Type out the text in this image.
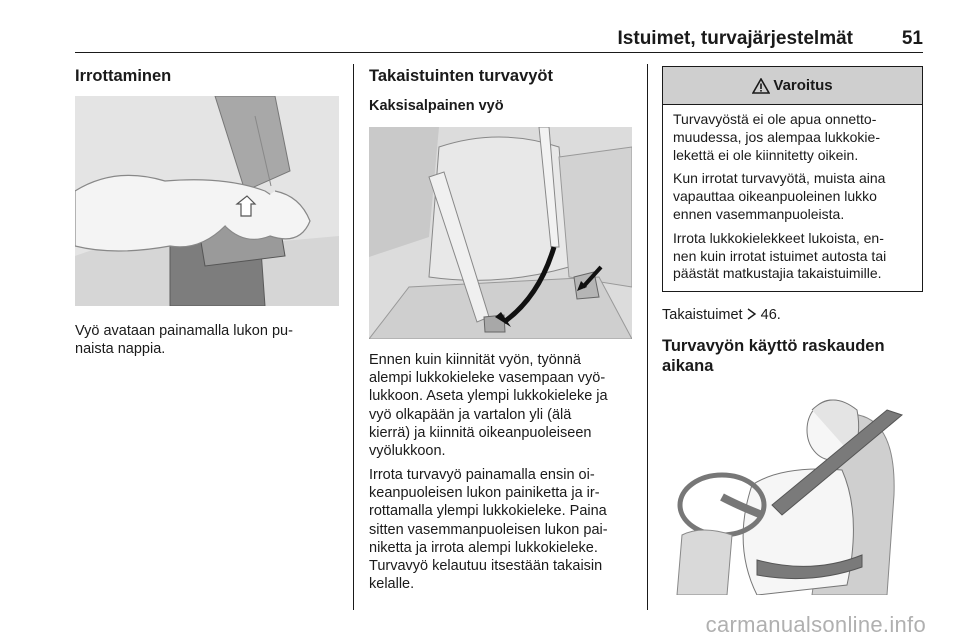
Istuimet, turvajärjestelmät	51
Irrottaminen
Vyö avataan painamalla lukon pu-
naista nappia.
Takaistuinten turvavyöt
Kaksisalpainen vyö
Ennen kuin kiinnität vyön, työnnä
alempi lukkokieleke vasempaan vyö-
lukkoon. Aseta ylempi lukkokieleke ja
vyö olkapään ja vartalon yli (älä
kierrä) ja kiinnitä oikeanpuoleiseen
vyölukkoon.
Irrota turvavyö painamalla ensin oi-
keanpuoleisen lukon painiketta ja ir-
rottamalla ylempi lukkokieleke. Paina
sitten vasemmanpuoleisen lukon pai-
niketta ja irrota alempi lukkokieleke.
Turvavyö kelautuu itsestään takaisin
kelalle.
Varoitus
Turvavyöstä ei ole apua onnetto-
muudessa, jos alempaa lukkokie-
lekettä ei ole kiinnitetty oikein.
Kun irrotat turvavyötä, muista aina
vapauttaa oikeanpuoleinen lukko
ennen vasemmanpuoleista.
Irrota lukkokielekkeet lukoista, en-
nen kuin irrotat istuimet autosta tai
päästät matkustajia takaistuimille.
Takaistuimet 46.
Turvavyön käyttö raskauden
aikana
carmanualsonline.info
